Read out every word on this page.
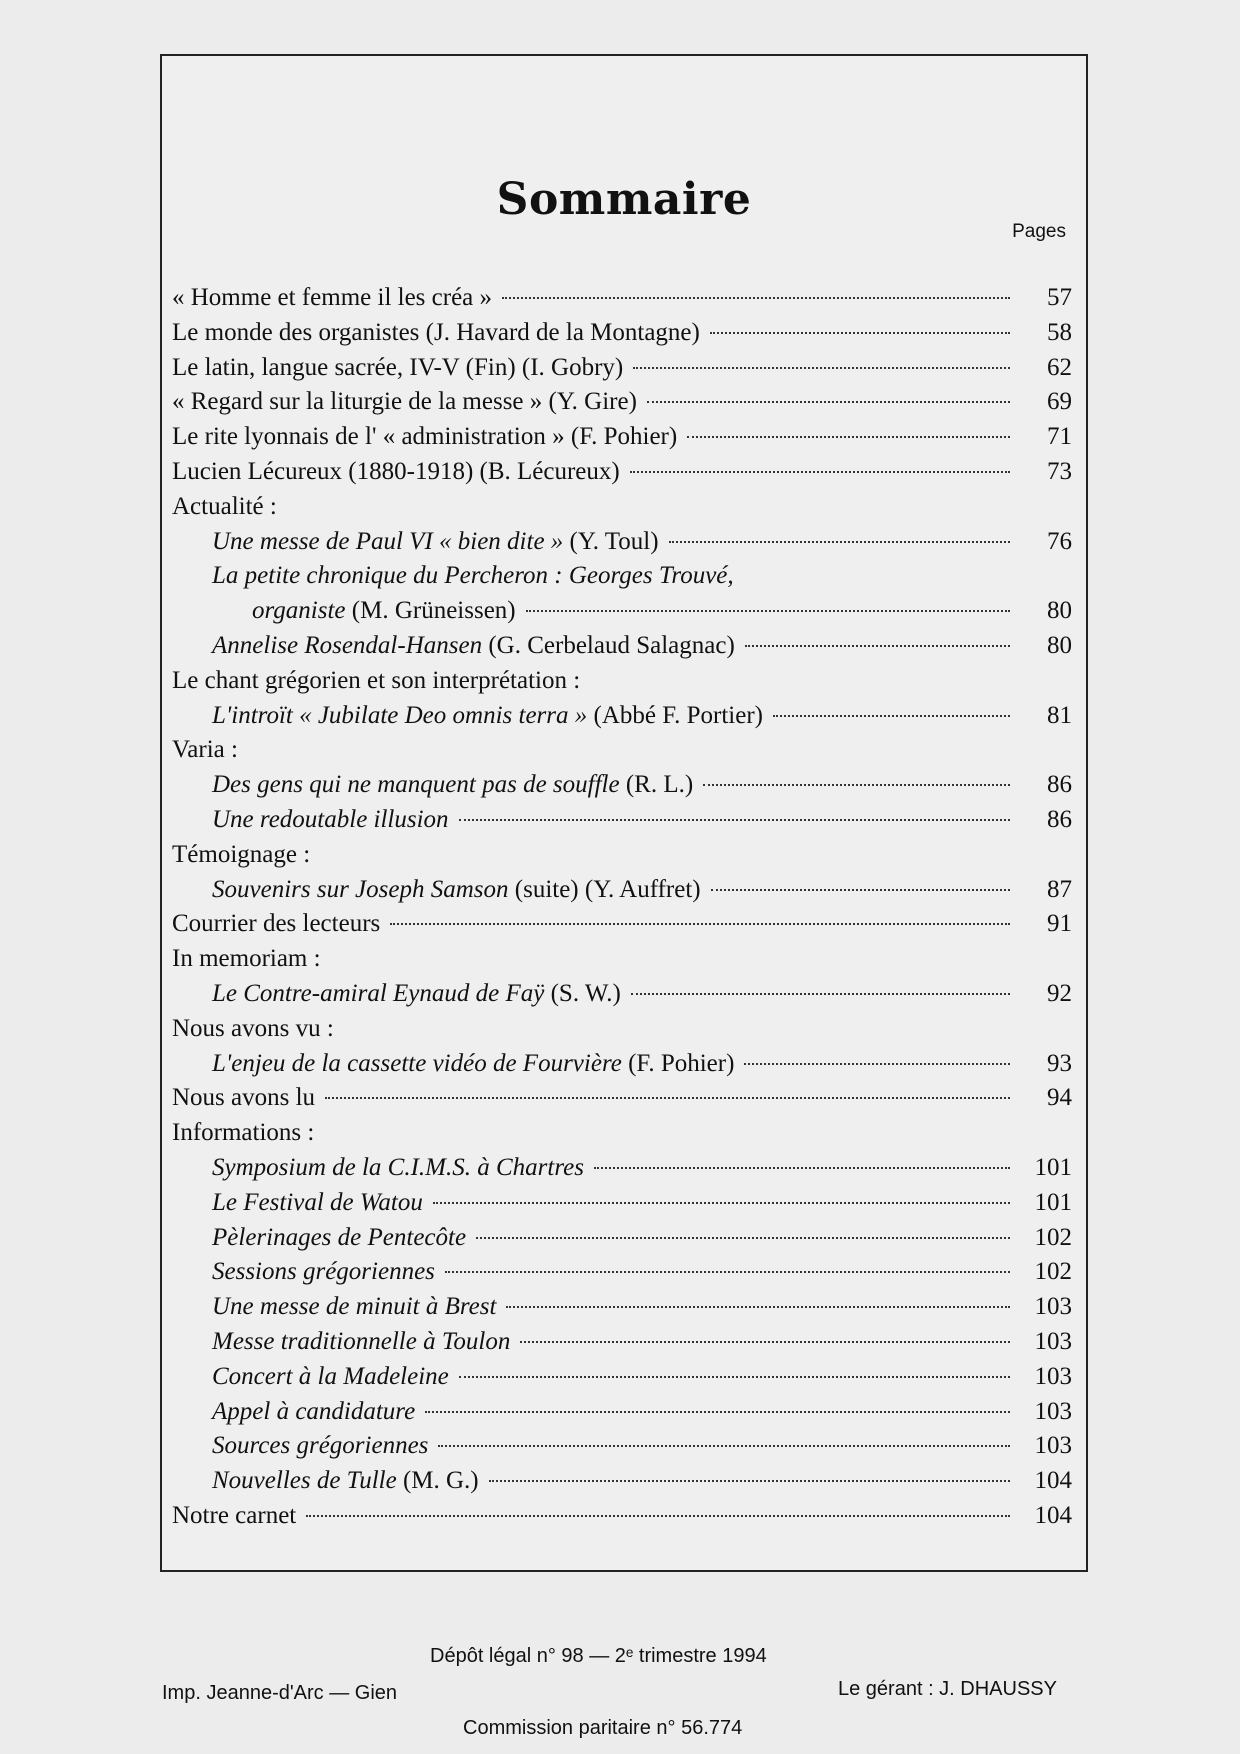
Sommaire
Pages
« Homme et femme il les créa »	57
Le monde des organistes (J. Havard de la Montagne)	58
Le latin, langue sacrée, IV-V (Fin) (I. Gobry)	62
« Regard sur la liturgie de la messe » (Y. Gire)	69
Le rite lyonnais de l' « administration » (F. Pohier)	71
Lucien Lécureux (1880-1918) (B. Lécureux)	73
Actualité :
Une messe de Paul VI « bien dite » (Y. Toul)	76
La petite chronique du Percheron : Georges Trouvé,
organiste (M. Grüneissen)	80
Annelise Rosendal-Hansen (G. Cerbelaud Salagnac)	80
Le chant grégorien et son interprétation :
L'introït « Jubilate Deo omnis terra » (Abbé F. Portier)	81
Varia :
Des gens qui ne manquent pas de souffle (R. L.)	86
Une redoutable illusion	86
Témoignage :
Souvenirs sur Joseph Samson (suite) (Y. Auffret)	87
Courrier des lecteurs	91
In memoriam :
Le Contre-amiral Eynaud de Faÿ (S. W.)	92
Nous avons vu :
L'enjeu de la cassette vidéo de Fourvière (F. Pohier)	93
Nous avons lu	94
Informations :
Symposium de la C.I.M.S. à Chartres	101
Le Festival de Watou	101
Pèlerinages de Pentecôte	102
Sessions grégoriennes	102
Une messe de minuit à Brest	103
Messe traditionnelle à Toulon	103
Concert à la Madeleine	103
Appel à candidature	103
Sources grégoriennes	103
Nouvelles de Tulle (M. G.)	104
Notre carnet	104
Dépôt légal n° 98 — 2ᵉ trimestre 1994
Imp. Jeanne-d'Arc — Gien	Le gérant : J. DHAUSSY
Commission paritaire n° 56.774
